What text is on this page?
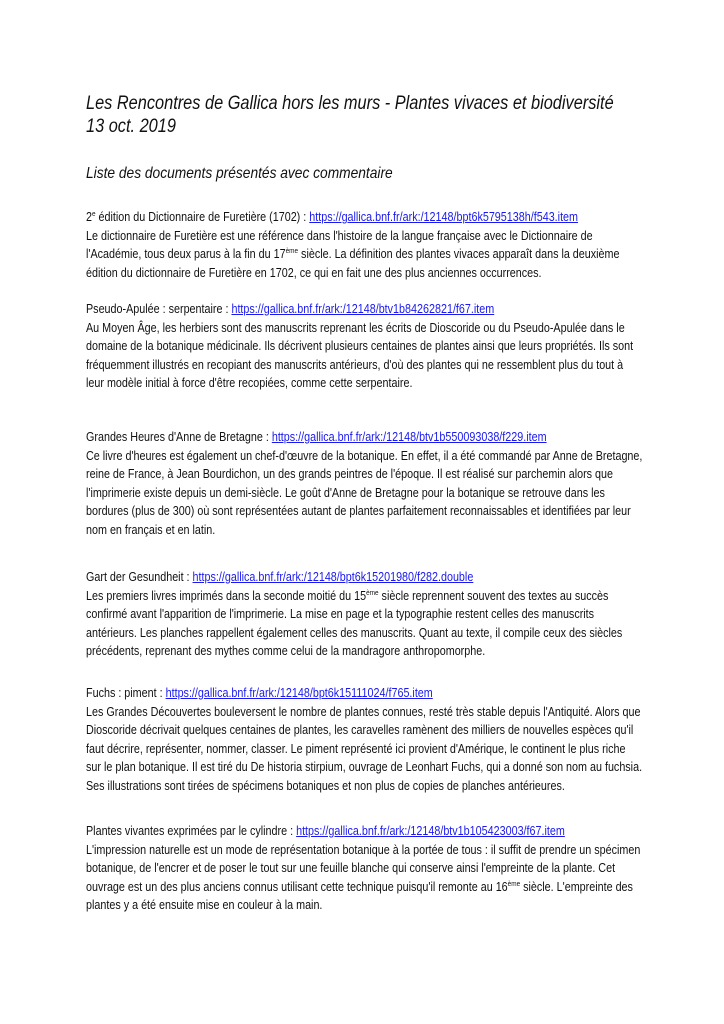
Les Rencontres de Gallica hors les murs - Plantes vivaces et biodiversité
13 oct. 2019
Liste des documents présentés avec commentaire
2e édition du Dictionnaire de Furetière (1702) : https://gallica.bnf.fr/ark:/12148/bpt6k5795138h/f543.item
Le dictionnaire de Furetière est une référence dans l'histoire de la langue française avec le Dictionnaire de
l'Académie, tous deux parus à la fin du 17ème siècle. La définition des plantes vivaces apparaît dans la deuxième
édition du dictionnaire de Furetière en 1702, ce qui en fait une des plus anciennes occurrences.
Pseudo-Apulée : serpentaire : https://gallica.bnf.fr/ark:/12148/btv1b84262821/f67.item
Au Moyen Âge, les herbiers sont des manuscrits reprenant les écrits de Dioscoride ou du Pseudo-Apulée dans le
domaine de la botanique médicinale. Ils décrivent plusieurs centaines de plantes ainsi que leurs propriétés. Ils sont
fréquemment illustrés en recopiant des manuscrits antérieurs, d'où des plantes qui ne ressemblent plus du tout à
leur modèle initial à force d'être recopiées, comme cette serpentaire.
Grandes Heures d'Anne de Bretagne : https://gallica.bnf.fr/ark:/12148/btv1b550093038/f229.item
Ce livre d'heures est également un chef-d'œuvre de la botanique. En effet, il a été commandé par Anne de Bretagne,
reine de France, à Jean Bourdichon, un des grands peintres de l'époque. Il est réalisé sur parchemin alors que
l'imprimerie existe depuis un demi-siècle. Le goût d'Anne de Bretagne pour la botanique se retrouve dans les
bordures (plus de 300) où sont représentées autant de plantes parfaitement reconnaissables et identifiées par leur
nom en français et en latin.
Gart der Gesundheit : https://gallica.bnf.fr/ark:/12148/bpt6k15201980/f282.double
Les premiers livres imprimés dans la seconde moitié du 15ème siècle reprennent souvent des textes au succès
confirmé avant l'apparition de l'imprimerie. La mise en page et la typographie restent celles des manuscrits
antérieurs. Les planches rappellent également celles des manuscrits. Quant au texte, il compile ceux des siècles
précédents, reprenant des mythes comme celui de la mandragore anthropomorphe.
Fuchs : piment : https://gallica.bnf.fr/ark:/12148/bpt6k15111024/f765.item
Les Grandes Découvertes bouleversent le nombre de plantes connues, resté très stable depuis l'Antiquité. Alors que
Dioscoride décrivait quelques centaines de plantes, les caravelles ramènent des milliers de nouvelles espèces qu'il
faut décrire, représenter, nommer, classer. Le piment représenté ici provient d'Amérique, le continent le plus riche
sur le plan botanique. Il est tiré du De historia stirpium, ouvrage de Leonhart Fuchs, qui a donné son nom au fuchsia.
Ses illustrations sont tirées de spécimens botaniques et non plus de copies de planches antérieures.
Plantes vivantes exprimées par le cylindre : https://gallica.bnf.fr/ark:/12148/btv1b105423003/f67.item
L'impression naturelle est un mode de représentation botanique à la portée de tous : il suffit de prendre un spécimen
botanique, de l'encrer et de poser le tout sur une feuille blanche qui conserve ainsi l'empreinte de la plante. Cet
ouvrage est un des plus anciens connus utilisant cette technique puisqu'il remonte au 16ème siècle. L'empreinte des
plantes y a été ensuite mise en couleur à la main.
